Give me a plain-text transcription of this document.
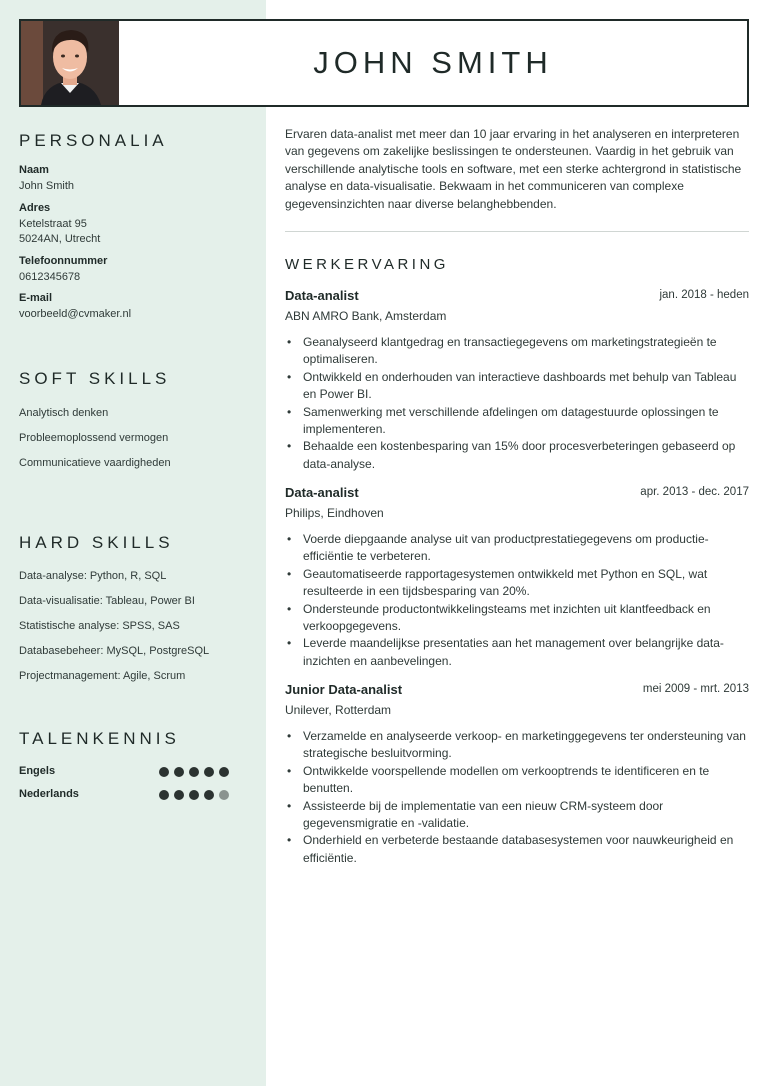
JOHN SMITH
PERSONALIA
Naam
John Smith
Adres
Ketelstraat 95
5024AN, Utrecht
Telefoonnummer
0612345678
E-mail
voorbeeld@cvmaker.nl
SOFT SKILLS
Analytisch denken
Probleemoplossend vermogen
Communicatieve vaardigheden
HARD SKILLS
Data-analyse: Python, R, SQL
Data-visualisatie: Tableau, Power BI
Statistische analyse: SPSS, SAS
Databasebeheer: MySQL, PostgreSQL
Projectmanagement: Agile, Scrum
TALENKENNIS
Engels
Nederlands
Ervaren data-analist met meer dan 10 jaar ervaring in het analyseren en interpreteren van gegevens om zakelijke beslissingen te ondersteunen. Vaardig in het gebruik van verschillende analytische tools en software, met een sterke achtergrond in statistische analyse en data-visualisatie. Bekwaam in het communiceren van complexe gegevensinzichten naar diverse belanghebbenden.
WERKERVARING
Data-analist	jan. 2018 - heden
ABN AMRO Bank, Amsterdam
• Geanalyseerd klantgedrag en transactiegegevens om marketingstrategieën te optimaliseren.
• Ontwikkeld en onderhouden van interactieve dashboards met behulp van Tableau en Power BI.
• Samenwerking met verschillende afdelingen om datagestuurde oplossingen te implementeren.
• Behaalde een kostenbesparing van 15% door procesverbeteringen gebaseerd op data-analyse.
Data-analist	apr. 2013 - dec. 2017
Philips, Eindhoven
• Voerde diepgaande analyse uit van productprestatiegegevens om productie-efficiëntie te verbeteren.
• Geautomatiseerde rapportagesystemen ontwikkeld met Python en SQL, wat resulteerde in een tijdsbesparing van 20%.
• Ondersteunde productontwikkelingsteams met inzichten uit klantfeedback en verkoopgegevens.
• Leverde maandelijkse presentaties aan het management over belangrijke data-inzichten en aanbevelingen.
Junior Data-analist	mei 2009 - mrt. 2013
Unilever, Rotterdam
• Verzamelde en analyseerde verkoop- en marketinggegevens ter ondersteuning van strategische besluitvorming.
• Ontwikkelde voorspellende modellen om verkooptrends te identificeren en te benutten.
• Assisteerde bij de implementatie van een nieuw CRM-systeem door gegevensmigratie en -validatie.
• Onderhield en verbeterde bestaande databasesystemen voor nauwkeurigheid en efficiëntie.
